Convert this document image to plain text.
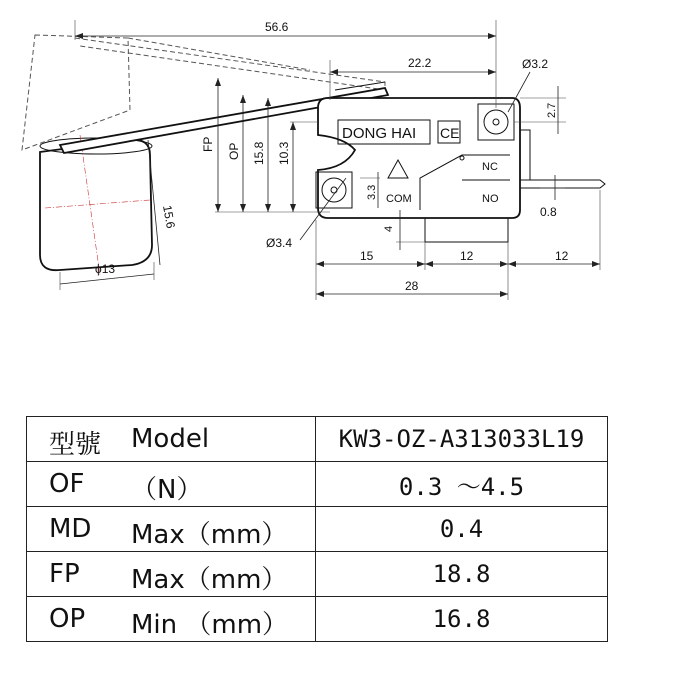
DONG HAI CE
COM
NC
NO
56.6
22.2	Ø3.2
2.7
FP OP 15.8 10.3
15.6
ϕ13
Ø3.4
3.3
4
0.8
15	12	12
28
型號 Model	KW3-OZ-A313033L19

OF （N）	0.3 ～4.5

MD Max（mm）	0.4

FP Max（mm）	18.8

OP Min （mm）	16.8
